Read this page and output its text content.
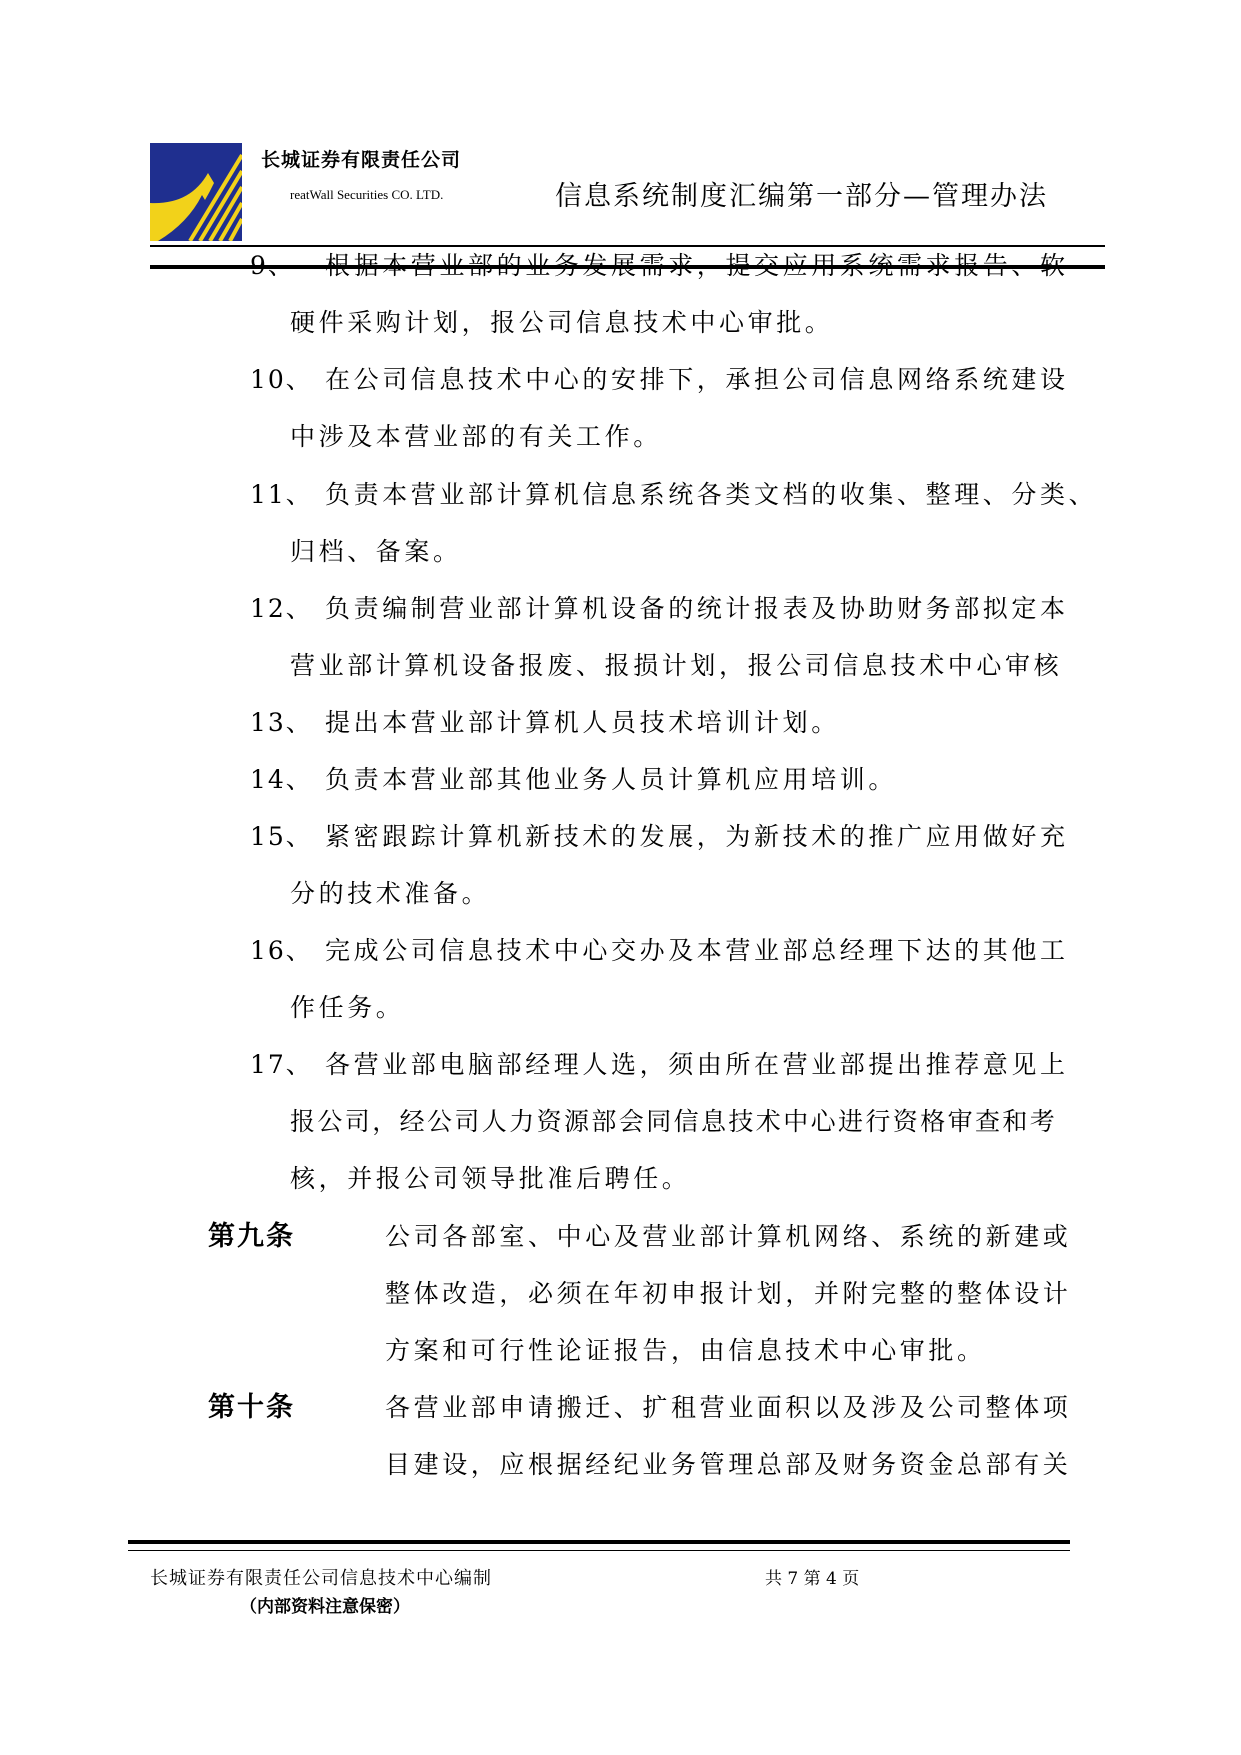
长城证券有限责任公司
reatWall Securities CO. LTD.	信息系统制度汇编第一部分—管理办法
9、 根据本营业部的业务发展需求，提交应用系统需求报告、软
硬件采购计划，报公司信息技术中心审批。
10、 在公司信息技术中心的安排下，承担公司信息网络系统建设
中涉及本营业部的有关工作。
11、 负责本营业部计算机信息系统各类文档的收集、整理、分类、
归档、备案。
12、 负责编制营业部计算机设备的统计报表及协助财务部拟定本
营业部计算机设备报废、报损计划，报公司信息技术中心审核
13、 提出本营业部计算机人员技术培训计划。
14、 负责本营业部其他业务人员计算机应用培训。
15、 紧密跟踪计算机新技术的发展，为新技术的推广应用做好充
分的技术准备。
16、 完成公司信息技术中心交办及本营业部总经理下达的其他工
作任务。
17、 各营业部电脑部经理人选，须由所在营业部提出推荐意见上
报公司，经公司人力资源部会同信息技术中心进行资格审查和考
核，并报公司领导批准后聘任。
第九条	公司各部室、中心及营业部计算机网络、系统的新建或
整体改造，必须在年初申报计划，并附完整的整体设计
方案和可行性论证报告，由信息技术中心审批。
第十条	各营业部申请搬迁、扩租营业面积以及涉及公司整体项
目建设，应根据经纪业务管理总部及财务资金总部有关
长城证券有限责任公司信息技术中心编制
（内部资料注意保密）
共 7 第 4 页
